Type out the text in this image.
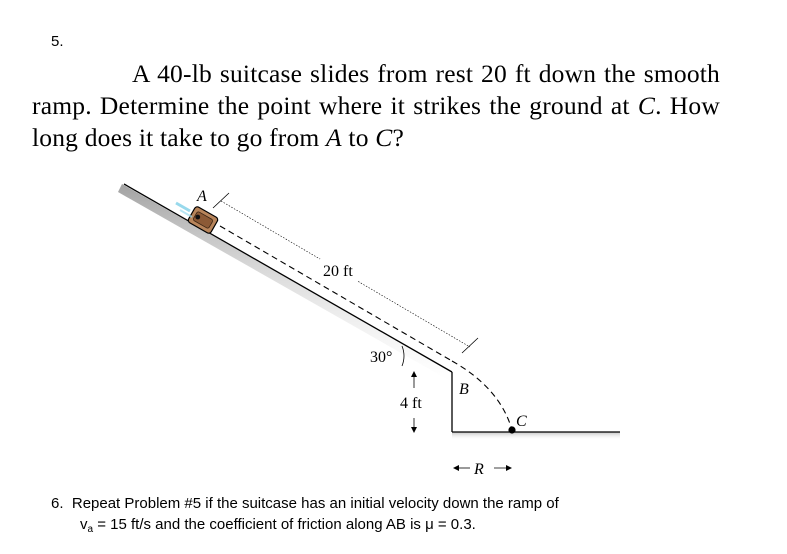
5.
A 40-lb suitcase slides from rest 20 ft down the smooth ramp. Determine the point where it strikes the ground at C. How long does it take to go from A to C?
20 ft
A
30°
4 ft
B
C
R
6. Repeat Problem #5 if the suitcase has an initial velocity down the ramp of
$v_a = 15$ ft/s and the coefficient of friction along AB is μ = 0.3.
